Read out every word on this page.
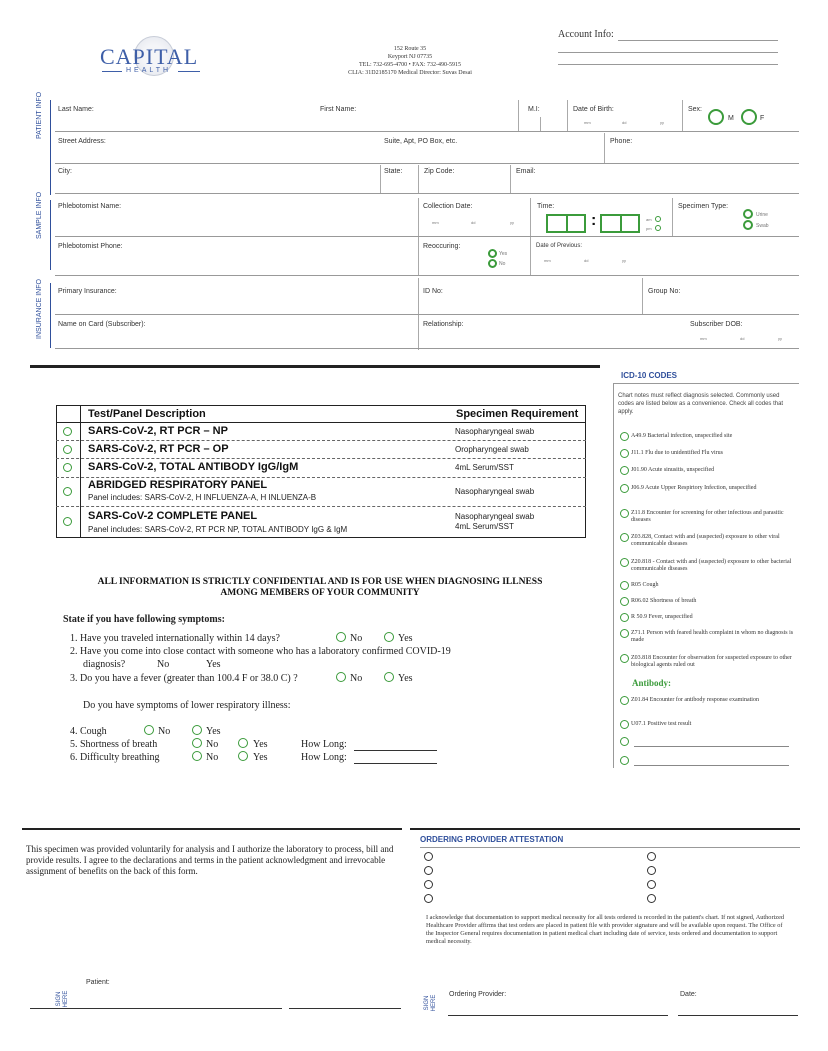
CAPITAL
HEALTH
152 Route 35
Keyport NJ 07735
TEL: 732-695-4700 • FAX: 732-490-5915
CLIA: 31D2185170 Medical Director: Suvas Desai
Account Info:
PATIENT INFO Last Name:	First Name:	M.I:	Date of Birth:
mm	dd	yy
Sex:
M	F
Street Address:	Suite, Apt, PO Box, etc.	Phone:
City:	State:	Zip Code:	Email:
SAMPLE INFO Phlebotomist Name:	Collection Date:
mm	dd	yy
Time:
:	am
pm
Specimen Type:
Urine
Swab
Phlebotomist Phone:	Reoccuring:
Yes
No
Date of Previous:
mm	dd	yy
INSURANCE INFO Primary Insurance:	ID No:	Group No:
Name on Card (Subscriber):	Relationship:	Subscriber DOB:
mm	dd	yy
Test/Panel Description	Specimen Requirement
SARS-CoV-2, RT PCR – NP	Nasopharyngeal swab
SARS-CoV-2, RT PCR – OP	Oropharyngeal swab
SARS-CoV-2, TOTAL ANTIBODY IgG/IgM	4mL Serum/SST
ABRIDGED RESPIRATORY PANEL
Panel includes: SARS-CoV-2, H INFLUENZA-A, H INLUENZA-B
Nasopharyngeal swab
SARS-CoV-2 COMPLETE PANEL
Panel includes: SARS-CoV-2, RT PCR NP, TOTAL ANTIBODY IgG & IgM
Nasopharyngeal swab
4mL Serum/SST
ICD-10 CODES
Chart notes must reflect diagnosis selected. Commonly used codes are listed below as a convenience. Check all codes that apply.
A49.9 Bacterial infection, unspecified site
J11.1 Flu due to unidentified Flu virus
J01.90 Acute sinusitis, unspecified
J06.9 Acute Upper Respirtory Infection, unspecified
Z11.8 Encounter for screening for other infectious and parasitic diseases
Z03.828, Contact with and (suspected) exposure to other viral communicable diseases
Z20.818 - Contact with and (suspected) exposure to other bacterial communicable diseases
R05 Cough
R06.02 Shortness of breath
R 50.9 Fever, unspecified
Z71.1 Person with feared health complaint in whom no diagnosis is made
Z03.818 Encounter for observation for suspected exposure to other biological agents ruled out
Antibody:
Z01.84 Encounter for antibody response examination
U07.1 Positive test result
ALL INFORMATION IS STRICTLY CONFIDENTIAL AND IS FOR USE WHEN DIAGNOSING ILLNESS
AMONG MEMBERS OF YOUR COMMUNITY
State if you have following symptoms:
1. Have you traveled internationally within 14 days?	No	Yes
2. Have you come into close contact with someone who has a laboratory confirmed COVID-19
diagnosis?	No	Yes
3. Do you have a fever (greater than 100.4 F or 38.0 C) ?	No	Yes
Do you have symptoms of lower respiratory illness:
4. Cough	No	Yes
5. Shortness of breath	No	Yes	How Long:
6. Difficulty breathing	No	Yes	How Long:
This specimen was provided voluntarily for analysis and I authorize the laboratory to process, bill and provide results. I agree to the declarations and terms in the patient acknowledgment and irrevocable assignment of benefits on the back of this form.
SIGN HERE
Patient:
ORDERING PROVIDER ATTESTATION
I acknowledge that documentation to support medical necessity for all tests ordered is recorded in the patient's chart. If not signed, Authorized Healthcare Provider affirms that test orders are placed in patient file with provider signature and will be available upon request. The Office of the Inspector General requires documentation in patient medical chart including date of service, tests ordered and documentation to support medical necessity.
SIGN HERE
Ordering Provider:	Date:
